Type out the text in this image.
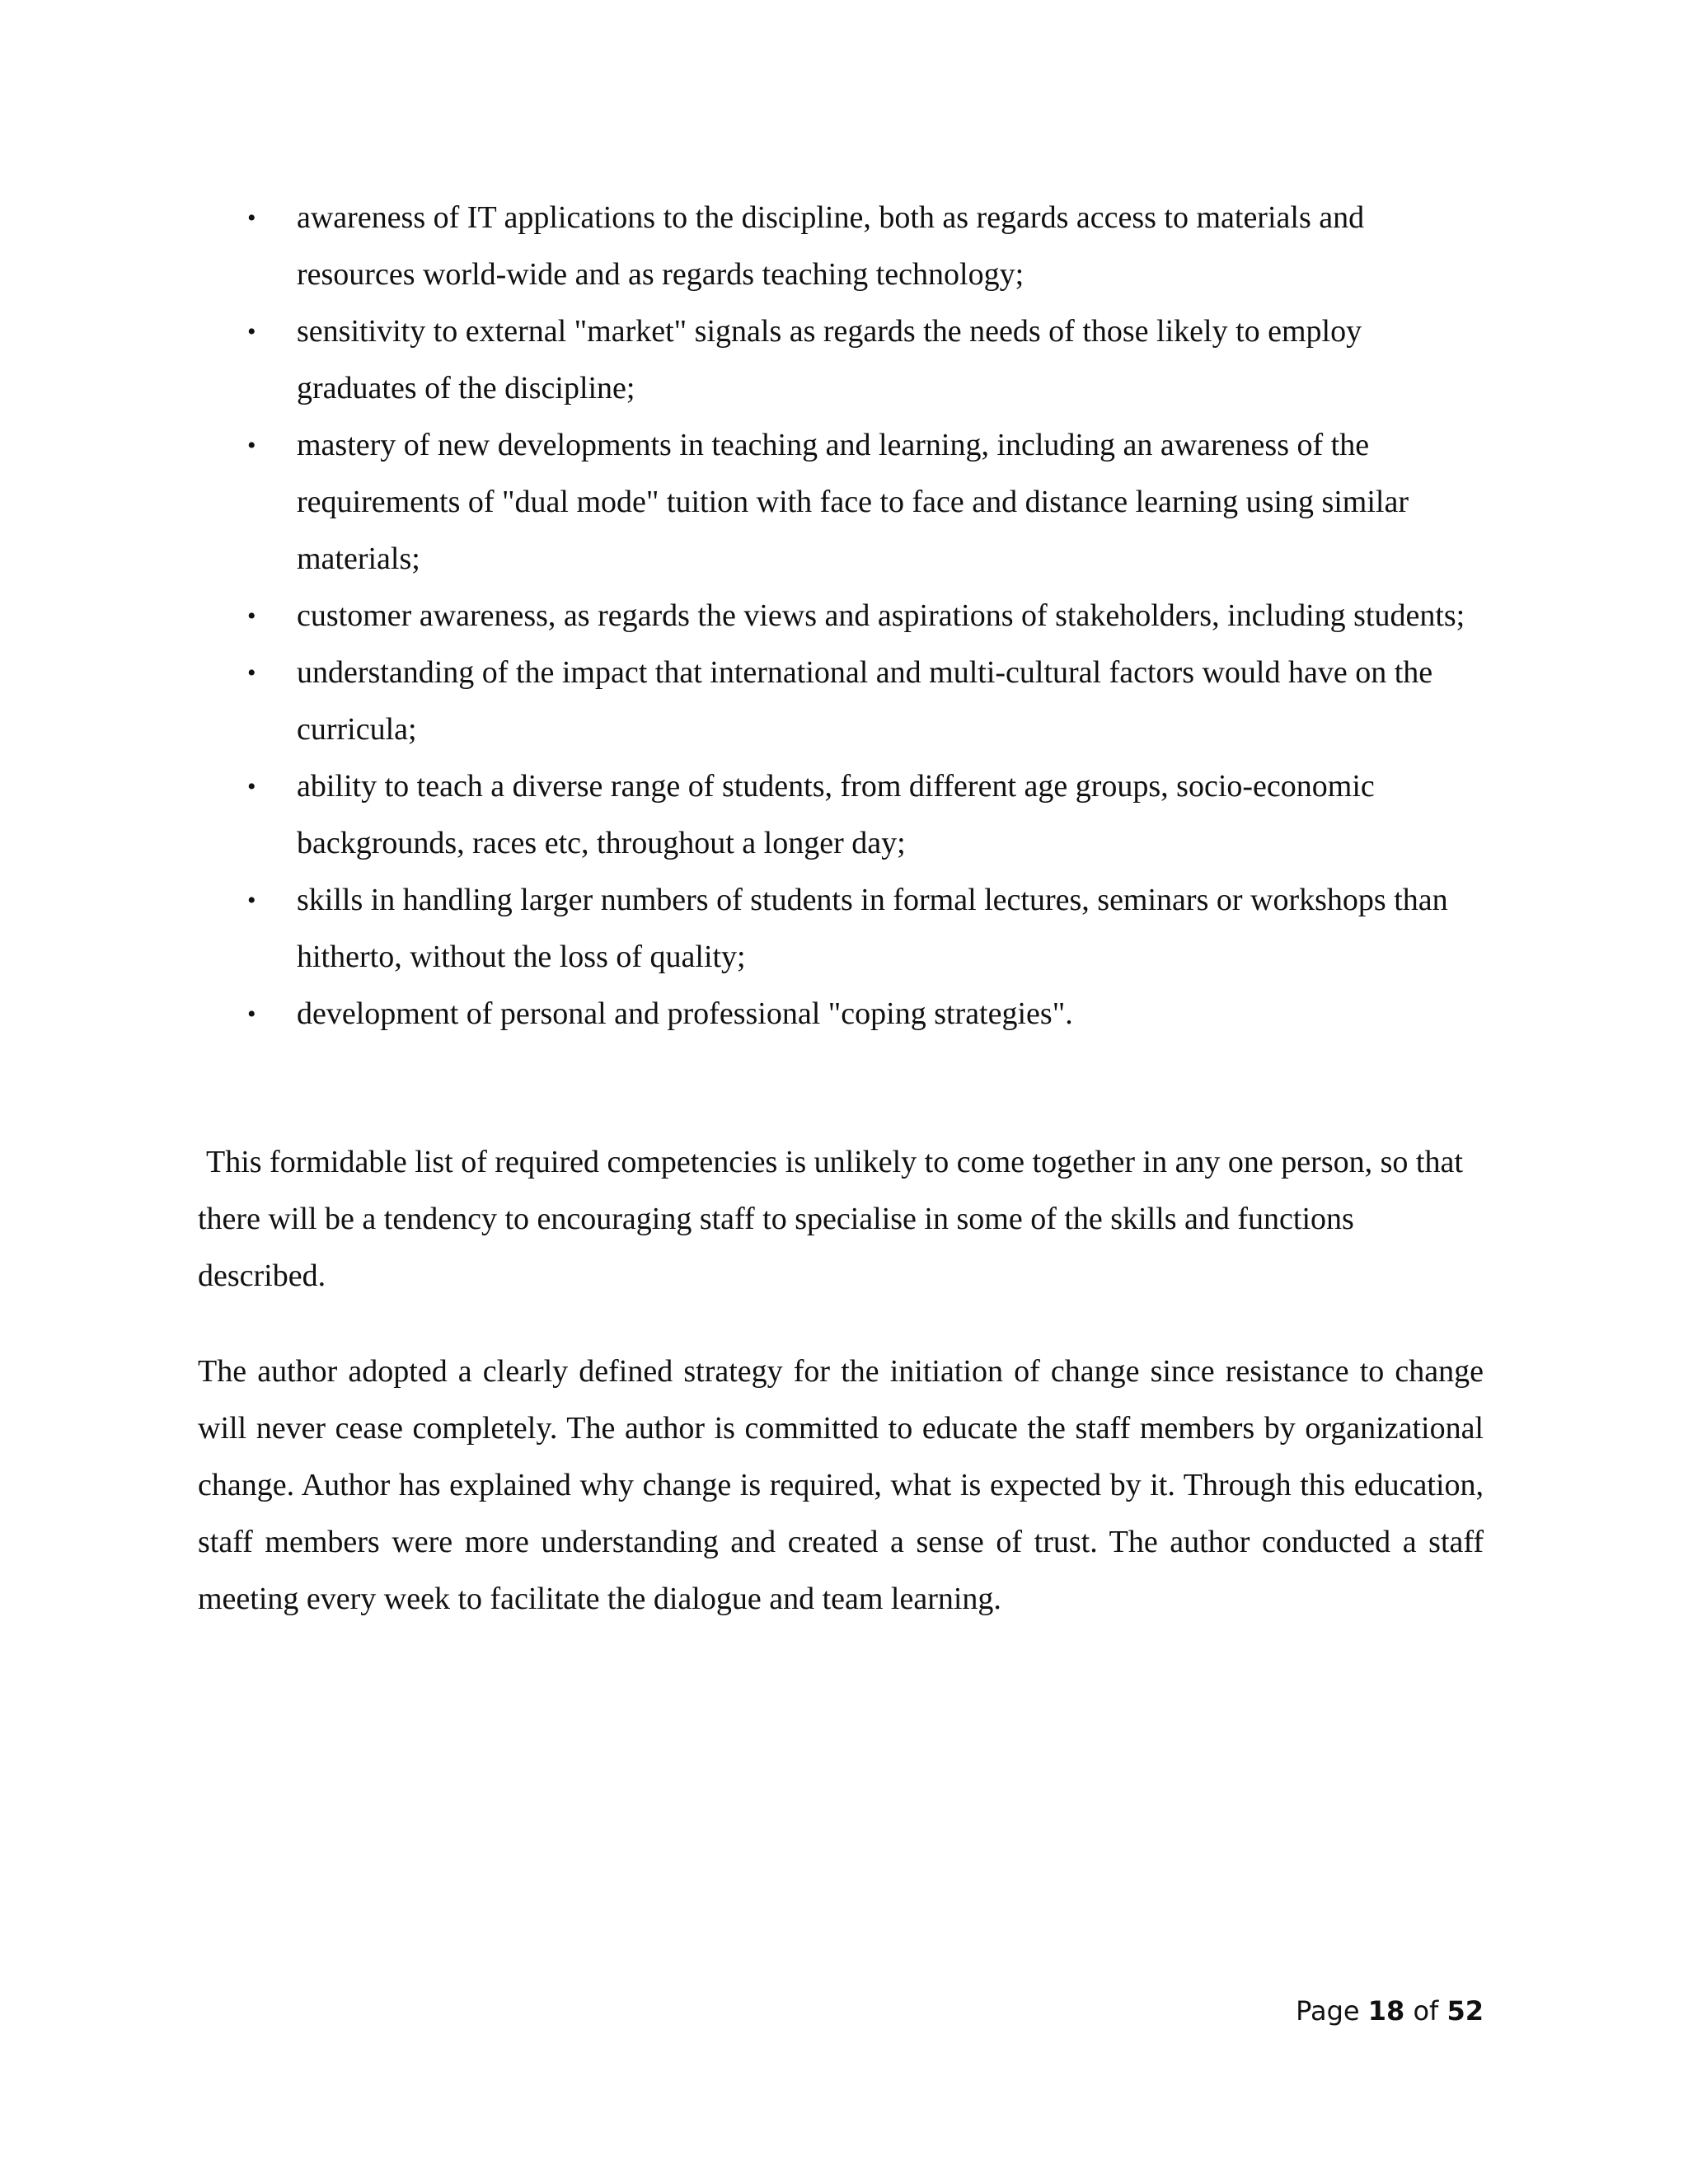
• awareness of IT applications to the discipline, both as regards access to materials and resources world-wide and as regards teaching technology;
• sensitivity to external "market" signals as regards the needs of those likely to employ graduates of the discipline;
• mastery of new developments in teaching and learning, including an awareness of the requirements of "dual mode" tuition with face to face and distance learning using similar materials;
• customer awareness, as regards the views and aspirations of stakeholders, including students;
• understanding of the impact that international and multi-cultural factors would have on the curricula;
• ability to teach a diverse range of students, from different age groups, socio-economic backgrounds, races etc, throughout a longer day;
• skills in handling larger numbers of students in formal lectures, seminars or workshops than hitherto, without the loss of quality;
• development of personal and professional "coping strategies".

This formidable list of required competencies is unlikely to come together in any one person, so that there will be a tendency to encouraging staff to specialise in some of the skills and functions described.

The author adopted a clearly defined strategy for the initiation of change since resistance to change will never cease completely. The author is committed to educate the staff members by organizational change. Author has explained why change is required, what is expected by it. Through this education, staff members were more understanding and created a sense of trust. The author conducted a staff meeting every week to facilitate the dialogue and team learning.

Page 18 of 52
